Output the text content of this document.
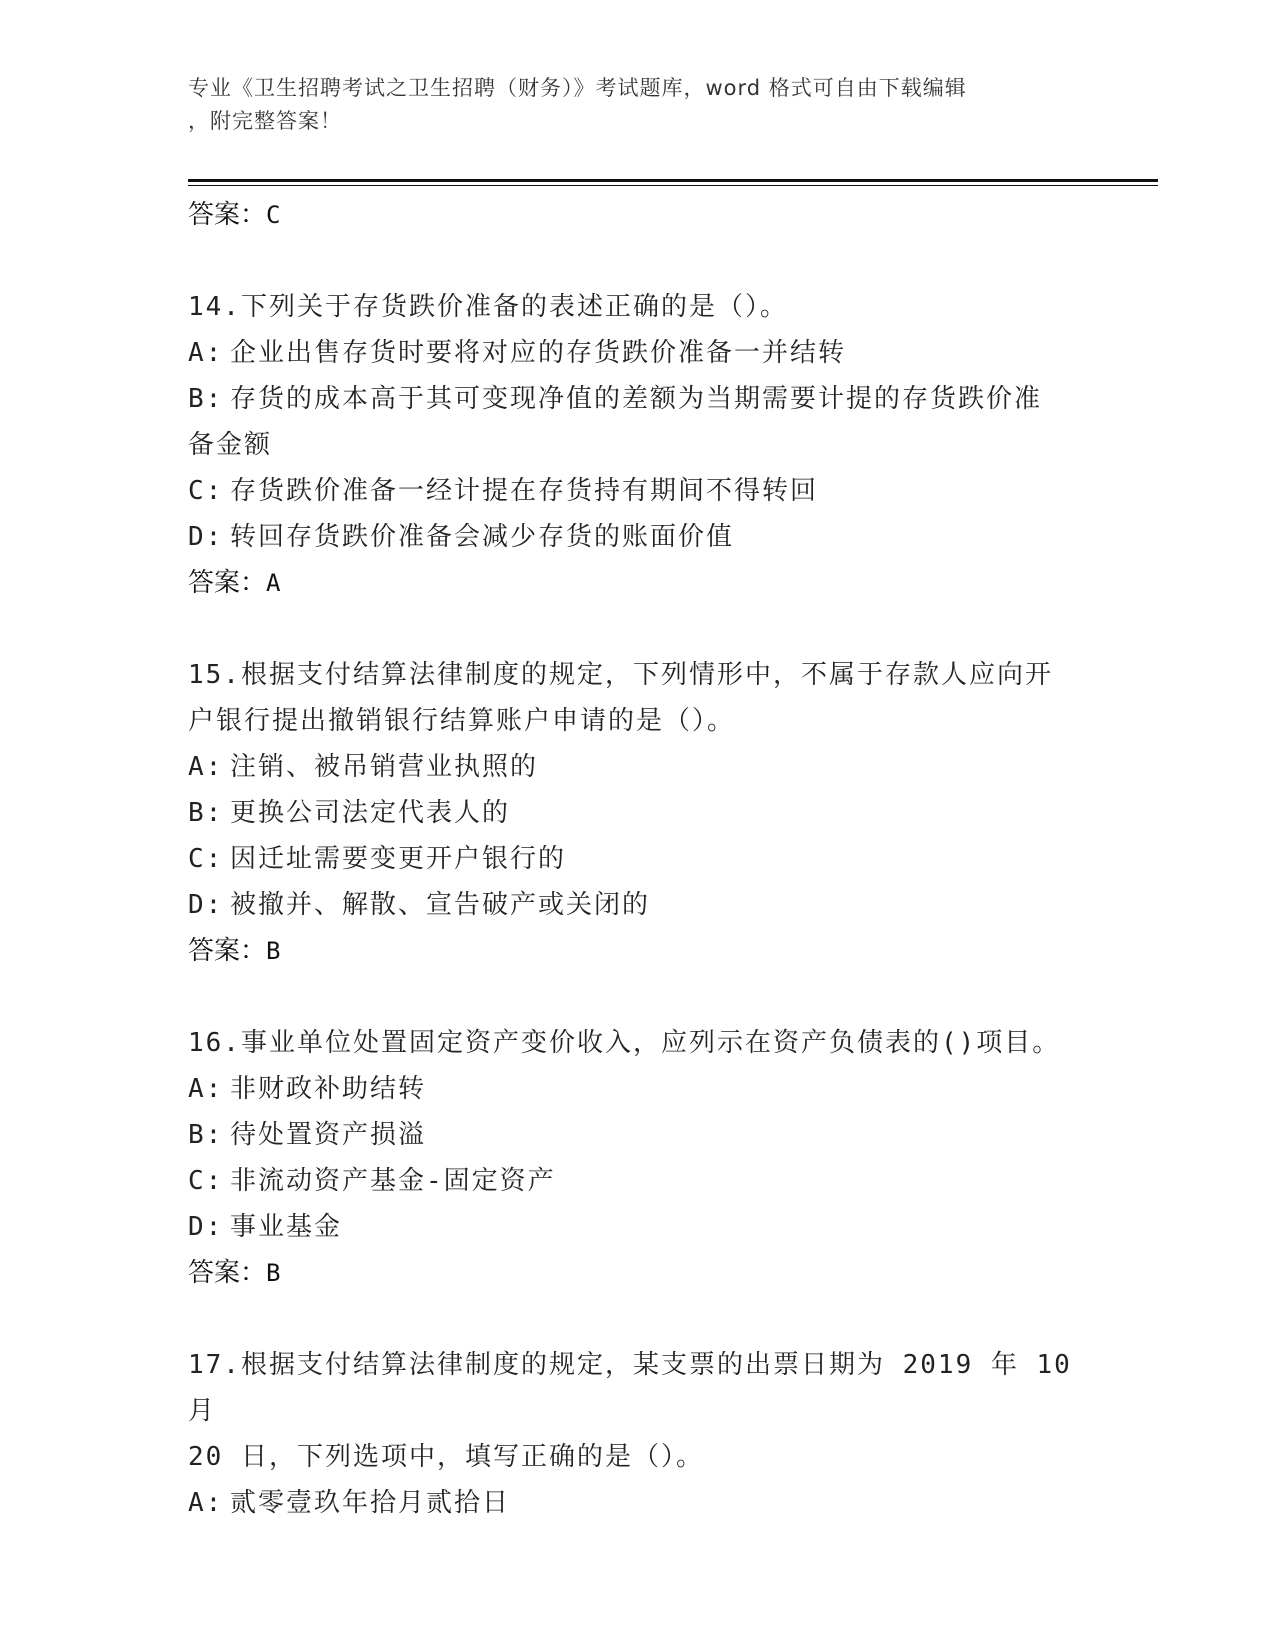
专业《卫生招聘考试之卫生招聘（财务）》考试题库，word 格式可自由下载编辑
，附完整答案！

答案：C

14.下列关于存货跌价准备的表述正确的是（）。

A: 企业出售存货时要将对应的存货跌价准备一并结转

B: 存货的成本高于其可变现净值的差额为当期需要计提的存货跌价准

备金额

C: 存货跌价准备一经计提在存货持有期间不得转回

D: 转回存货跌价准备会减少存货的账面价值

答案：A

15.根据支付结算法律制度的规定，下列情形中，不属于存款人应向开

户银行提出撤销银行结算账户申请的是（）。

A: 注销、被吊销营业执照的

B: 更换公司法定代表人的

C: 因迁址需要变更开户银行的

D: 被撤并、解散、宣告破产或关闭的

答案：B

16.事业单位处置固定资产变价收入，应列示在资产负债表的()项目。

A: 非财政补助结转

B: 待处置资产损溢

C: 非流动资产基金-固定资产

D: 事业基金

答案：B

17.根据支付结算法律制度的规定，某支票的出票日期为 2019 年 10 月

20 日，下列选项中，填写正确的是（）。

A: 贰零壹玖年拾月贰拾日
